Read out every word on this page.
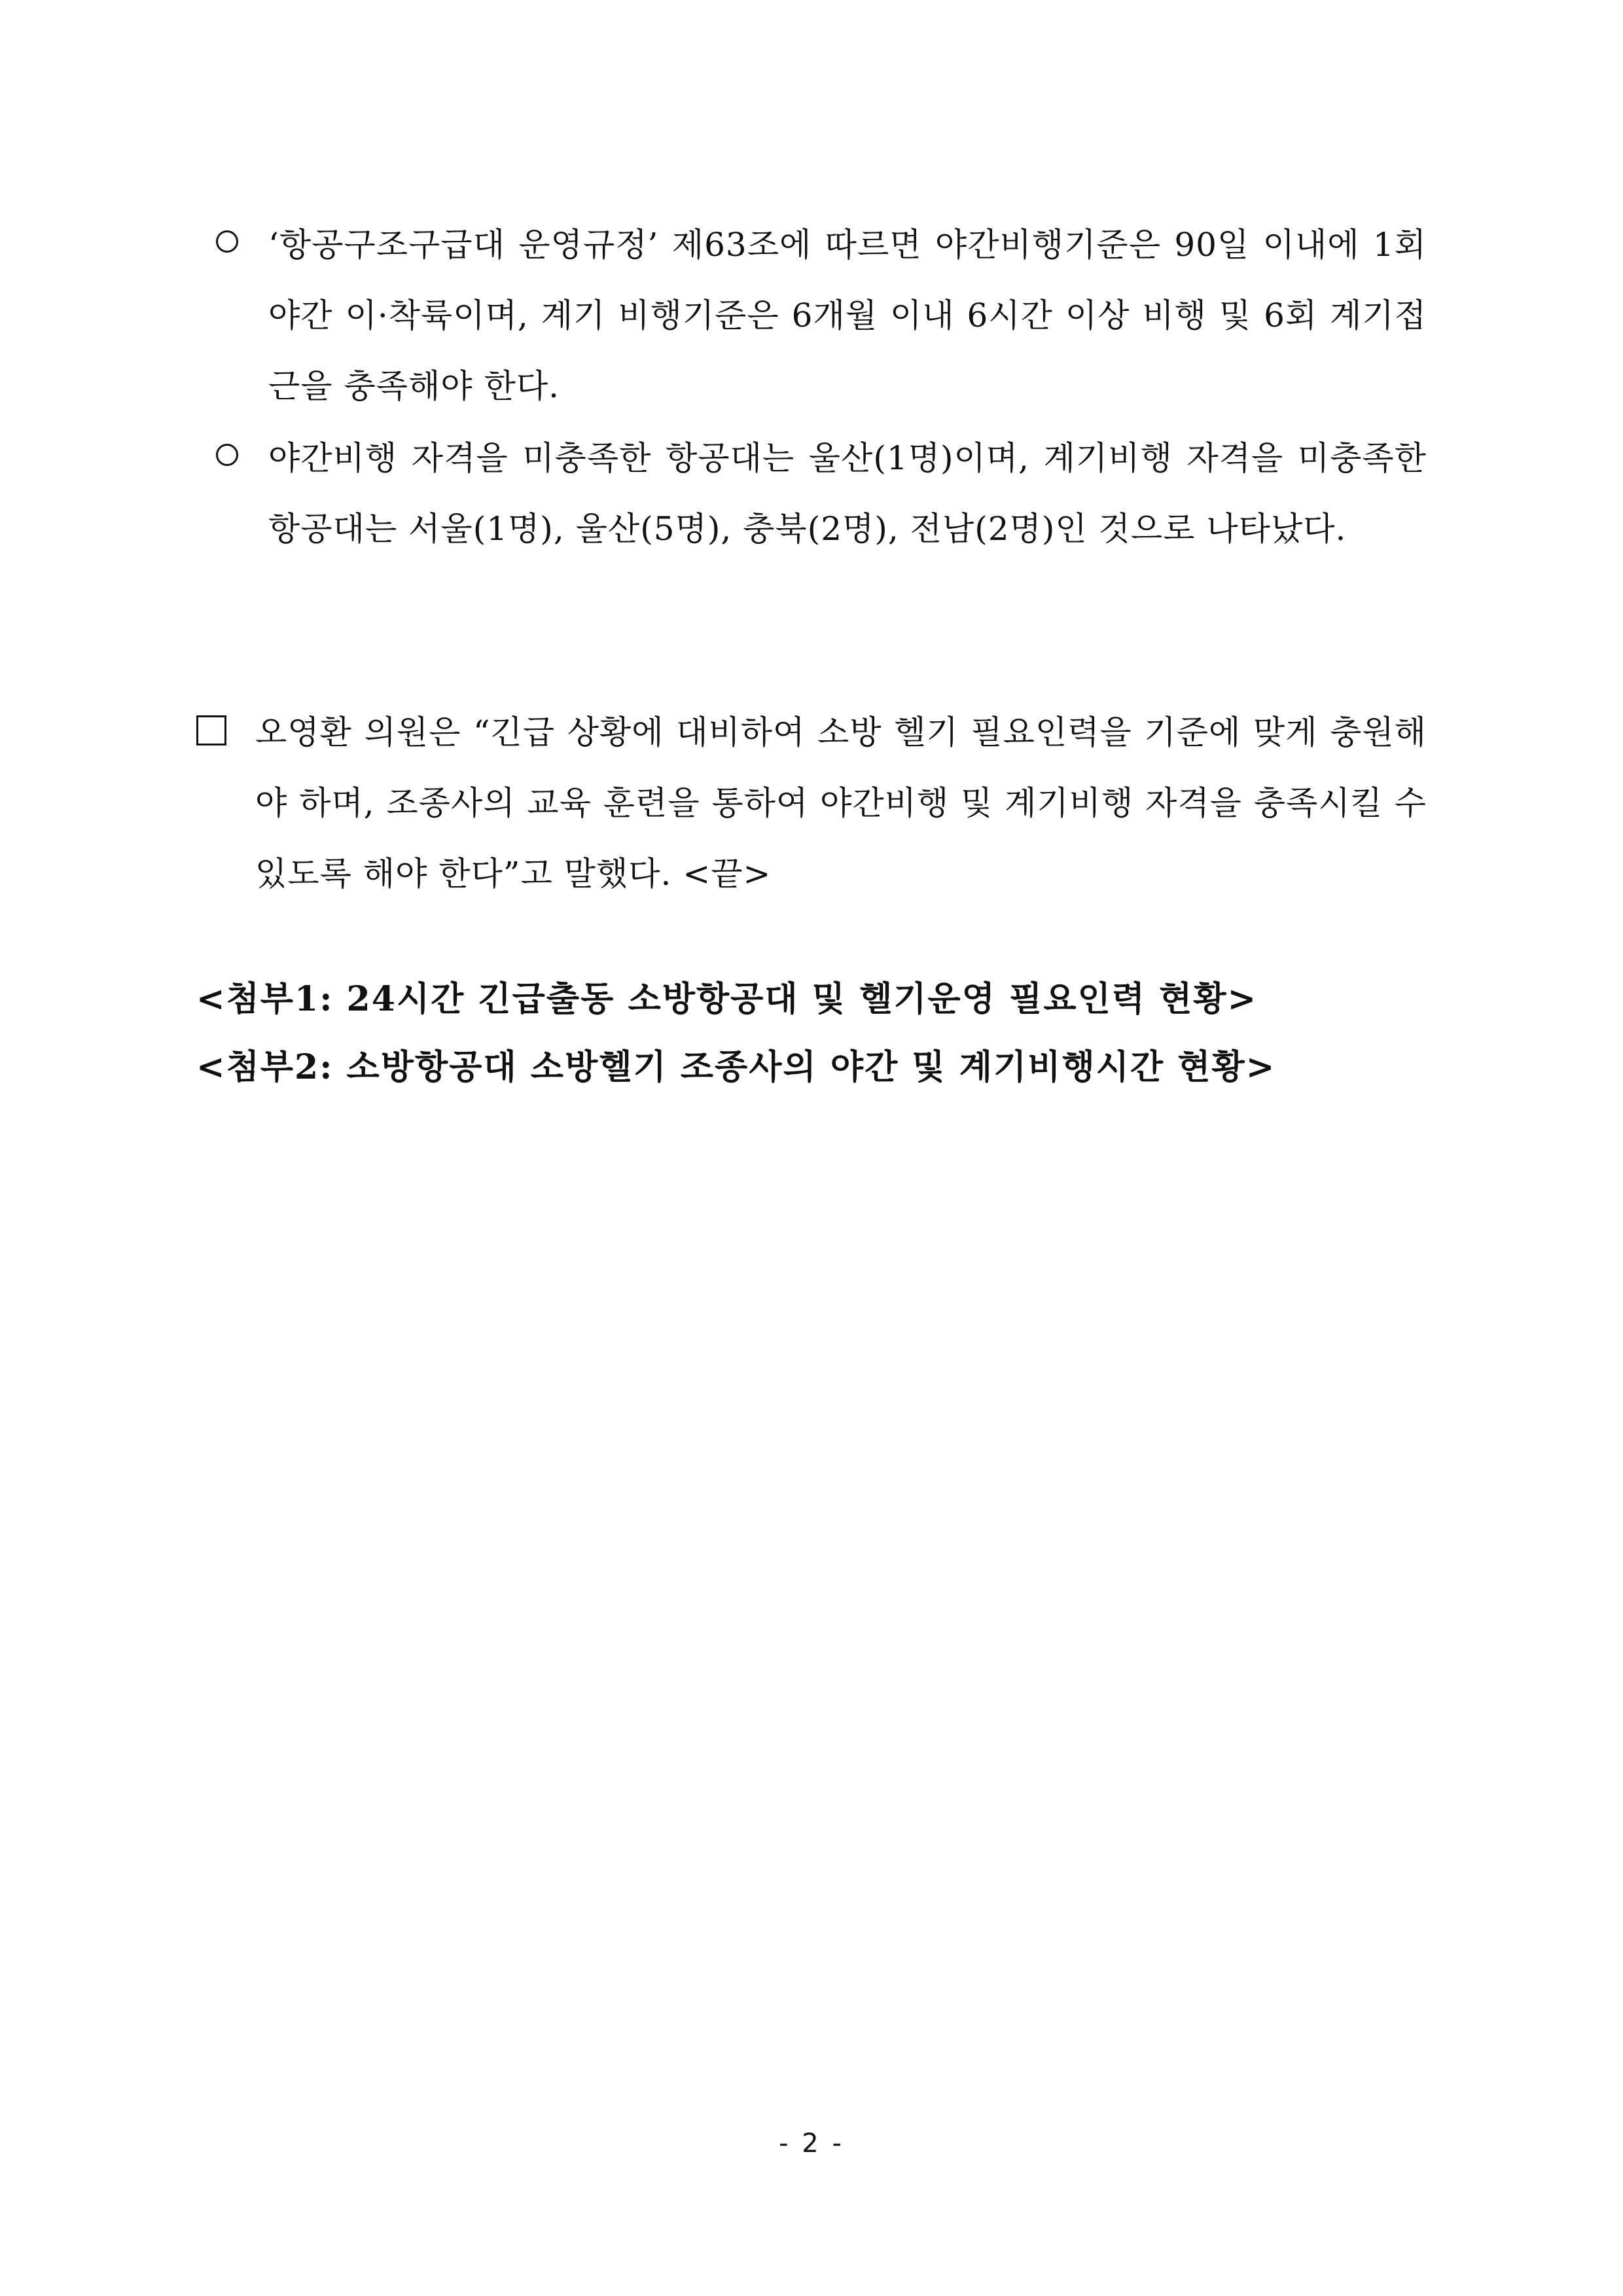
‘항공구조구급대 운영규정’ 제63조에 따르면 야간비행기준은 90일 이내에 1회 야간 이·착륙이며, 계기 비행기준은 6개월 이내 6시간 이상 비행 및 6회 계기접근을 충족해야 한다.
야간비행 자격을 미충족한 항공대는 울산(1명)이며, 계기비행 자격을 미충족한 항공대는 서울(1명), 울산(5명), 충북(2명), 전남(2명)인 것으로 나타났다.
오영환 의원은 “긴급 상황에 대비하여 소방 헬기 필요인력을 기준에 맞게 충원해야 하며, 조종사의 교육 훈련을 통하여 야간비행 및 계기비행 자격을 충족시킬 수 있도록 해야 한다”고 말했다. <끝>
<첨부1: 24시간 긴급출동 소방항공대 및 헬기운영 필요인력 현황>
<첨부2: 소방항공대 소방헬기 조종사의 야간 및 계기비행시간 현황>
- 2 -
